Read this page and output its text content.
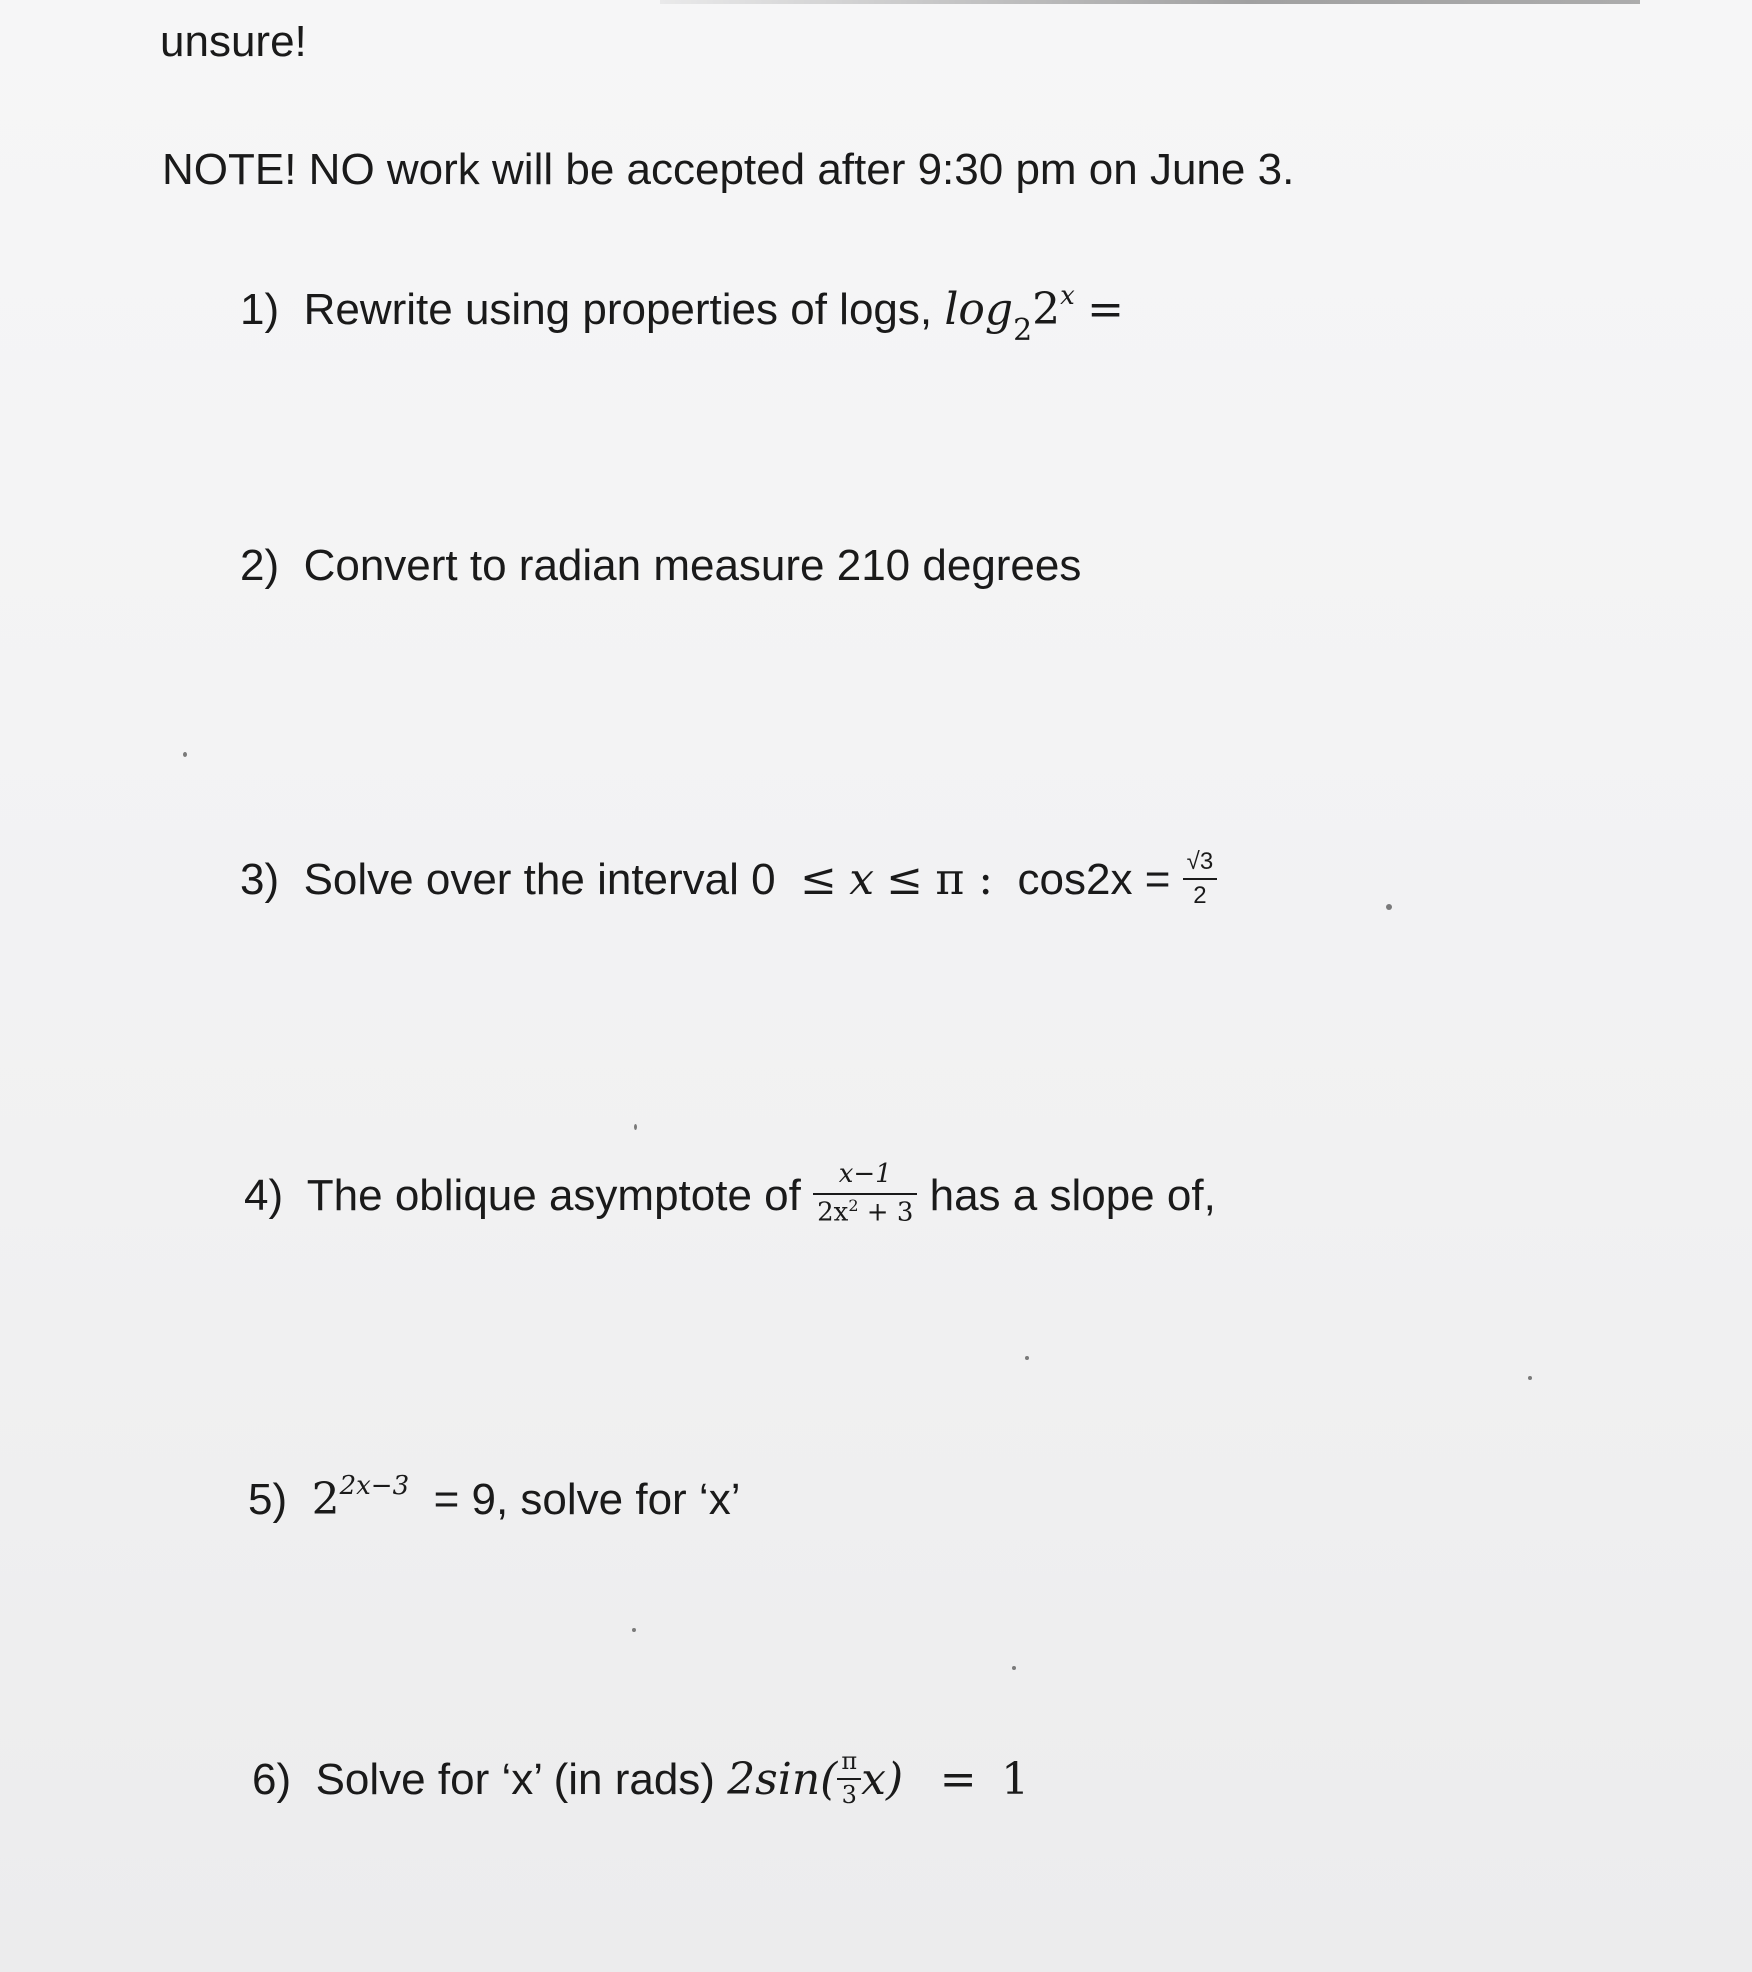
unsure!
NOTE! NO work will be accepted after 9:30 pm on June 3.
1) Rewrite using properties of logs, $\log_22^x$ =
2) Convert to radian measure 210 degrees
3) Solve over the interval 0 ≤ x ≤ π : $\cos 2x = \frac{√3}{2}$
4) The oblique asymptote of $\frac{x-1}{2x^2 + 3}$ has a slope of,
5) $2^{2x-3} = 9$, solve for ‘x’
6) Solve for ‘x’ (in rads) $2\sin( \frac{\pi}{3} x) = 1$
